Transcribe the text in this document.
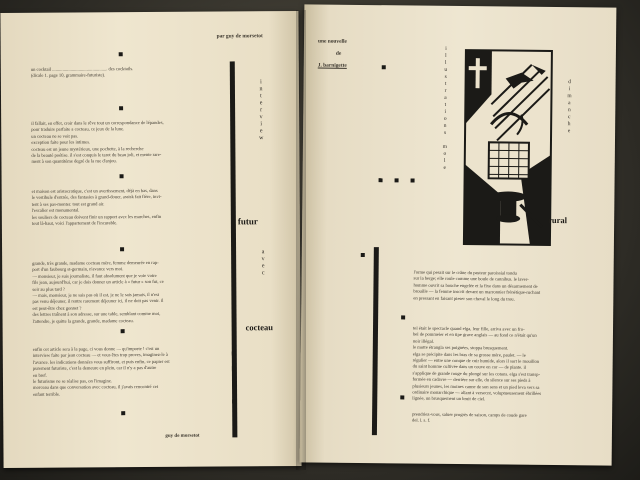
par guy de morsetot
interview
futur
avec
cocteau

un cocktail ................................................ des cocktails.

(dicale 1. page 10, grammaire-futuriste).

il fallait, en effet, croir dans le rêve tout un correspondance de lépandes,

pour traduire parfaite a cocteau, ce jeux de la lune.

un cocteau ne se voit pas.

exception faite pour les intimes.

cocteau est un jeune mystérieux, une pochette, à la recherche

de la beauté poétise. il s'est conquis le tarot du beau joli, et mente rare-

ment à son quantitème degré de la rue d'anjou.

et maison est aristocratique, c'est un avertissement, déjà en bas, dans

le vestibule d'entrée, des fantasies à grand-douer, assisk fait fière, invi-

tent à ses pas-monter. tout est grand air.

l'escalier est monumental.

les souliers de cocteau doivent finir un rapport avec les marches, enfin

tout là-haut, voici l'appartement de l'incurable.

grande, très grande, madame cocteau mère, femme demeurée en rap-

port d'un faubourg st-germain, n'avance vers moi.

— monsieur, je suis journaliste, il faut absolument que je voie votre

fils jean, aujourd'hui, car je dois donner un article à « futur » son fut, ce

soir au plus tard ?

— mais, monsieur, je ne sais pas où il est, je ne le sais jamais, il n'est

pas venu déjeuner, il rentre rarement déjeuner ici, il ne doit pas venir. il

est peut-être chez gonnet ?

des lettres traînent à son adresse, sur une table, semblant comme moi,

l'attendre, je quitte la grande, grande, madame cocteau.

enfin cet article sera à la page, ci vous donne — qu'importe ! c'est un

interview faite par jean cocteau — et vous êtes trop proves, imaginez-le à

l'avance. les indications données vous suffiront, et puis enfin, ce papier est

purement futuriste, c'est la demeure en plein, car il n'y a pas d'autre

en bref.

le futurisme ne se réalise pas, on l'imagine.

morceau dans que conversation avec cocteau, il j'avais rencontré cet

enfant terrible.

guy de morsetot
une nouvelle
de
J. barnigette	illustrations mole	dimanche
rural

l'orme qui pesait sur le crâne du pasteur paroissial tondu

sur la berge; elle roule comme une boule de cannibus. le laver-

homme ouvrit sa bouche engelée et la fixe dans un désarmement de

brouille — la femme inscrit devant un marronnier frénétique-ruchant

en pressant en faisant pieser son cheval le long du trou.

tel était le spectacle quand elga, leur fille, arriva avec un fro-

bel de pommeier et en tipe grave anglais — au fond ce n'était qu'un

noir illégal.

le motte étrangla ses poignées, stoppa brusquement.

elga se précipite dans les bras de sa grosse mère, paulet. — le

régulier — entre une conque de cuir humide, alors il sort le mouillon

du saint homme cultivée dans un couve en cor — de plante. il

s'applique de grande rouge du plongé sur les cotons. elga s'est transp-

formée en cadavre — derrière sur elle, du silence sur ses pieds à

plusieurs jeunes, les moines canne de son sens et un pied leva vers sa

ordinaire monarchique — allant à versecnt, voluptueusement ébrillées

lignée, un brusquement un bruit de ciel.

prendriez-vous, saluer progrès de saison, camps de coude gare

del. l. s. f.
